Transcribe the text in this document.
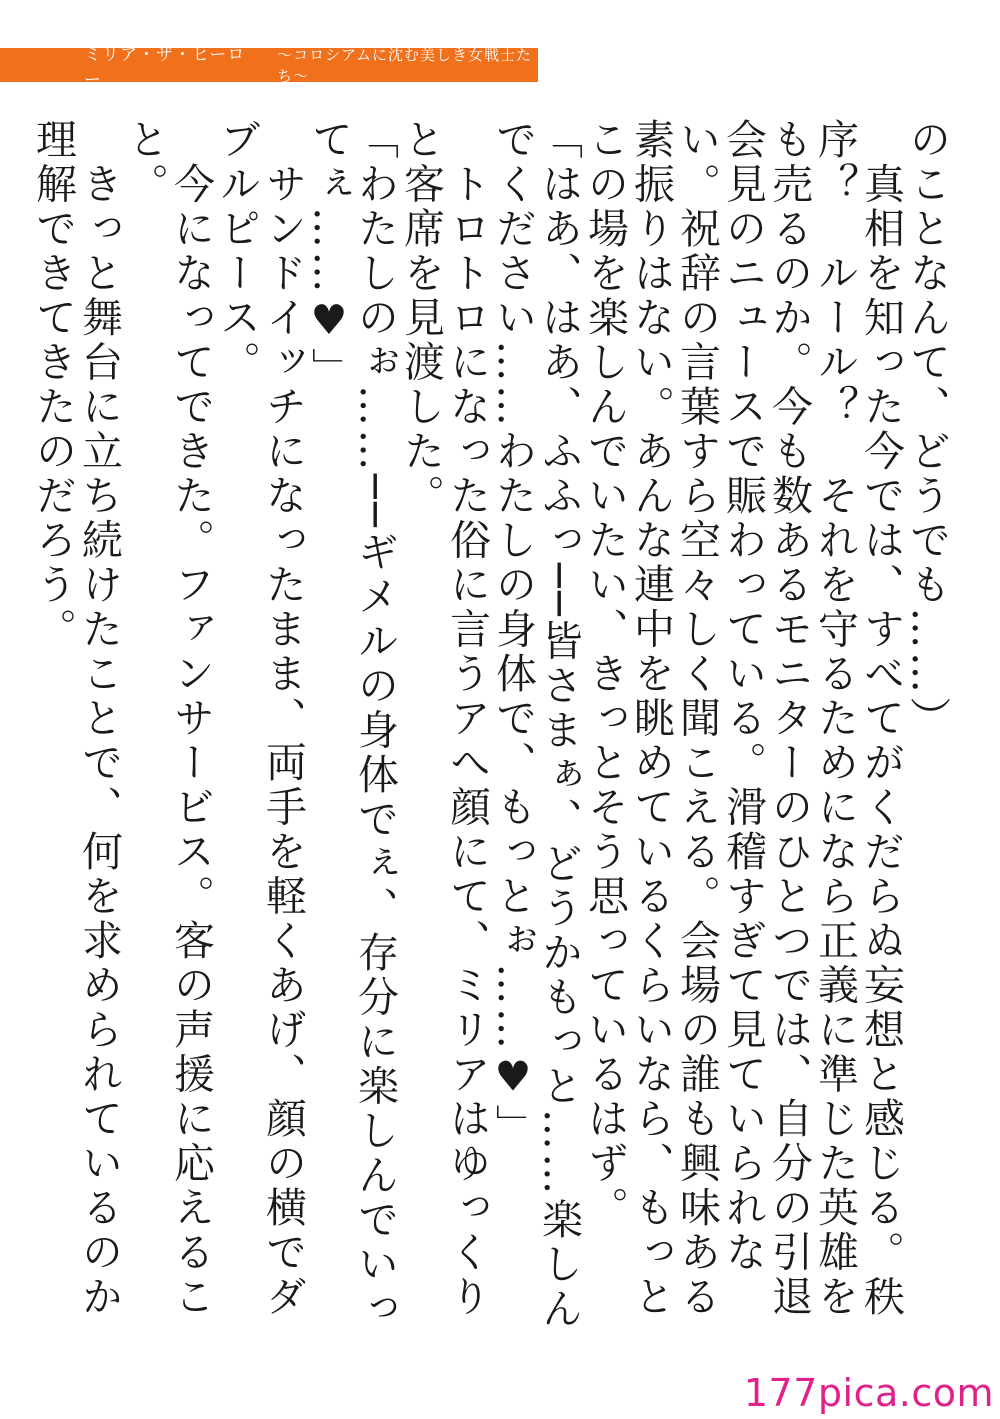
ミリア・ザ・ヒーロー
～コロシアムに沈む美しき女戦士たち～

のことなんて、どうでも……）

　真相を知った今では、すべてがくだらぬ妄想と感じる。秩序？　ルール？　それを守るためになら正義に準じた英雄をも売るのか。今も数あるモニターのひとつでは、自分の引退会見のニュースで賑わっている。滑稽すぎて見ていられない。祝辞の言葉すら空々しく聞こえる。会場の誰も興味ある素振りはない。あんな連中を眺めているくらいなら、もっとこの場を楽しんでいたい、きっとそう思っているはず。

「はあ、はあ、ふふっ──皆さまぁ、どうかもっと……楽しんでください……わたしの身体で、もっとぉ……♥」

　トロトロになった俗に言うアへ顔にて、ミリアはゆっくりと客席を見渡した。

「わたしのぉ……──ギメルの身体でぇ、存分に楽しんでいってぇ……♥」

　サンドイッチになったまま、両手を軽くあげ、顔の横でダブルピース。

　今になってできた。ファンサービス。客の声援に応えること。

　きっと舞台に立ち続けたことで、何を求められているのか理解できてきたのだろう。

177pica.com
